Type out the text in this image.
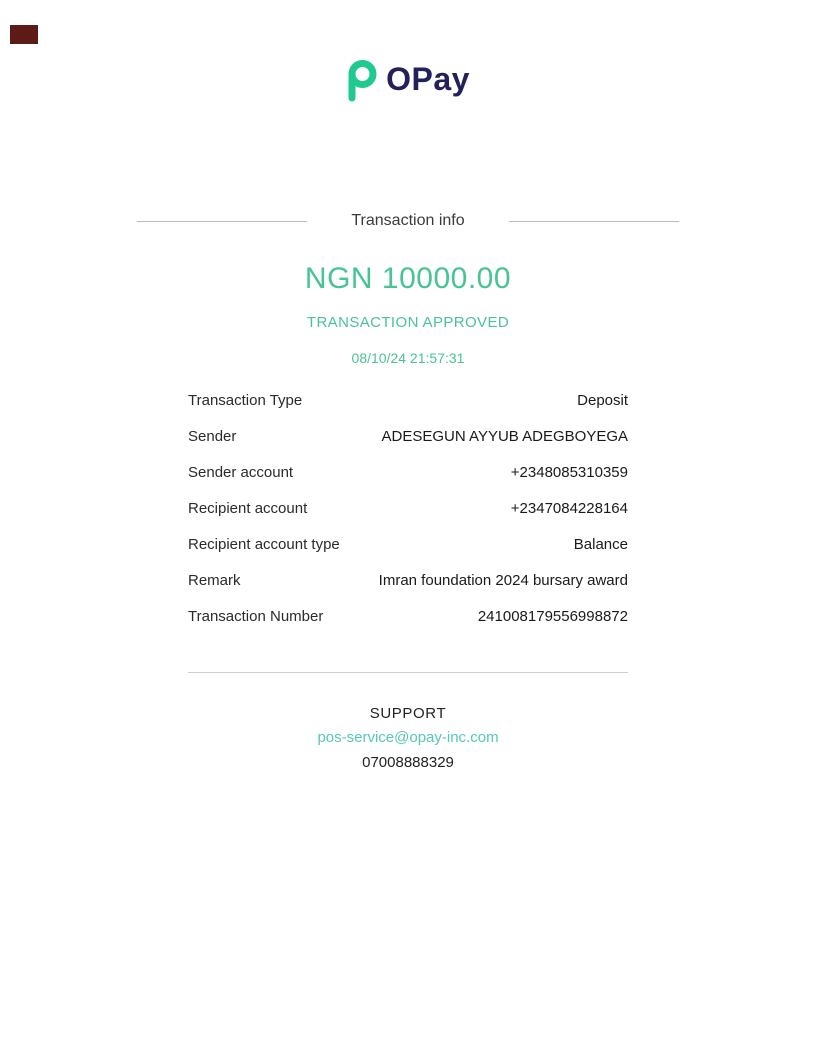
OPay
Transaction info
NGN 10000.00
TRANSACTION APPROVED
08/10/24 21:57:31
Transaction Type	Deposit
Sender	ADESEGUN AYYUB ADEGBOYEGA
Sender account	+2348085310359
Recipient account	+2347084228164
Recipient account type	Balance
Remark	Imran foundation 2024 bursary award
Transaction Number	241008179556998872
SUPPORT
pos-service@opay-inc.com
07008888329
